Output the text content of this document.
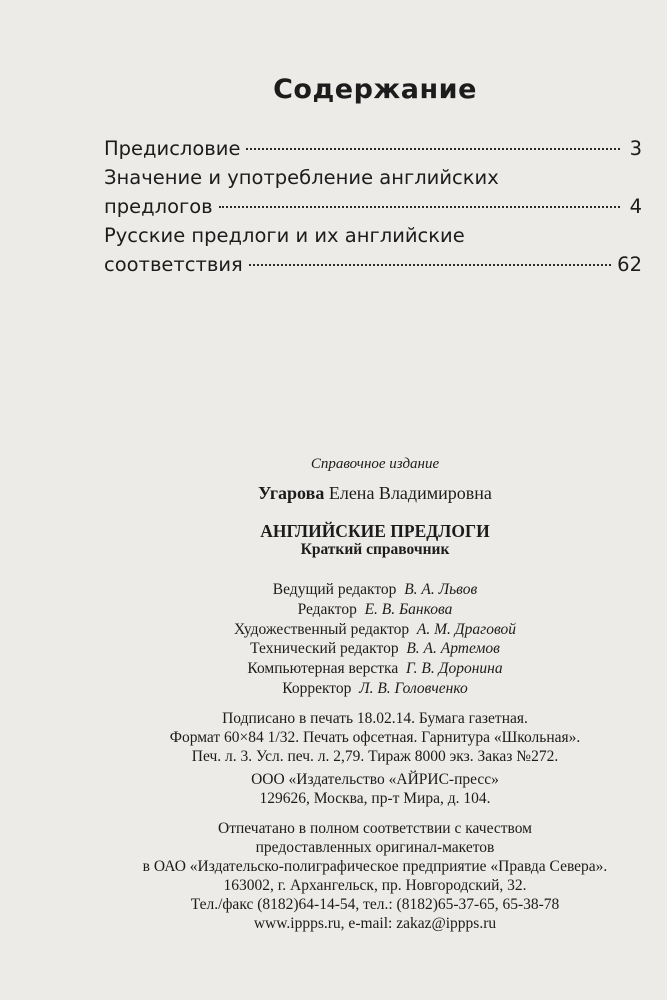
Содержание
Предисловие	3
Значение и употребление английских
предлогов	4
Русские предлоги и их английские
соответствия	62
Справочное издание
Угарова Елена Владимировна
АНГЛИЙСКИЕ ПРЕДЛОГИ
Краткий справочник
Ведущий редактор В. А. Львов
Редактор Е. В. Банкова
Художественный редактор А. М. Драговой
Технический редактор В. А. Артемов
Компьютерная верстка Г. В. Доронина
Корректор Л. В. Головченко
Подписано в печать 18.02.14. Бумага газетная.
Формат 60×84 1/32. Печать офсетная. Гарнитура «Школьная».
Печ. л. 3. Усл. печ. л. 2,79. Тираж 8000 экз. Заказ №272.
ООО «Издательство «АЙРИС-пресс»
129626, Москва, пр-т Мира, д. 104.
Отпечатано в полном соответствии с качеством
предоставленных оригинал-макетов
в ОАО «Издательско-полиграфическое предприятие «Правда Севера».
163002, г. Архангельск, пр. Новгородский, 32.
Тел./факс (8182)64-14-54, тел.: (8182)65-37-65, 65-38-78
www.ippps.ru, e-mail: zakaz@ippps.ru
